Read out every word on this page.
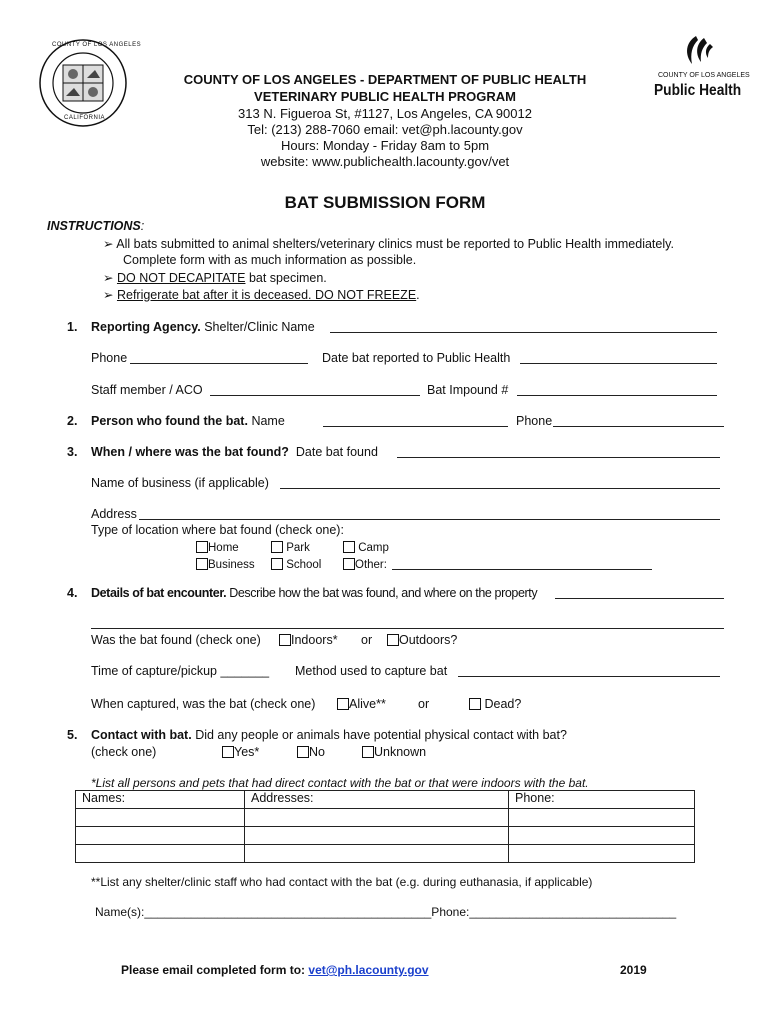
COUNTY OF LOS ANGELES
CALIFORNIA
COUNTY OF LOS ANGELES
Public Health
COUNTY OF LOS ANGELES - DEPARTMENT OF PUBLIC HEALTH
VETERINARY PUBLIC HEALTH PROGRAM
313 N. Figueroa St, #1127, Los Angeles, CA 90012
Tel: (213) 288-7060 email: vet@ph.lacounty.gov
Hours: Monday - Friday 8am to 5pm
website: www.publichealth.lacounty.gov/vet
BAT SUBMISSION FORM
INSTRUCTIONS:
➢ All bats submitted to animal shelters/veterinary clinics must be reported to Public Health immediately.
Complete form with as much information as possible.
➢ DO NOT DECAPITATE bat specimen.
➢ Refrigerate bat after it is deceased. DO NOT FREEZE.
1. Reporting Agency. Shelter/Clinic Name
Phone	Date bat reported to Public Health
Staff member / ACO	Bat Impound #
2. Person who found the bat. Name	Phone
3. When / where was the bat found? Date bat found
Name of business (if applicable)
Address
Type of location where bat found (check one):
Home	Park	Camp
Business	School	Other:
4. Details of bat encounter. Describe how the bat was found, and where on the property
Was the bat found (check one)	Indoors* or	Outdoors?
Time of capture/pickup _______ Method used to capture bat
When captured, was the bat (check one)	Alive**	or	Dead?
5. Contact with bat. Did any people or animals have potential physical contact with bat?
(check one)	Yes*	No	Unknown
*List all persons and pets that had direct contact with the bat or that were indoors with the bat.
Names:	Addresses:	Phone:

**List any shelter/clinic staff who had contact with the bat (e.g. during euthanasia, if applicable)
Name(s):___________________________________________Phone:_______________________________
Please email completed form to: vet@ph.lacounty.gov	2019
